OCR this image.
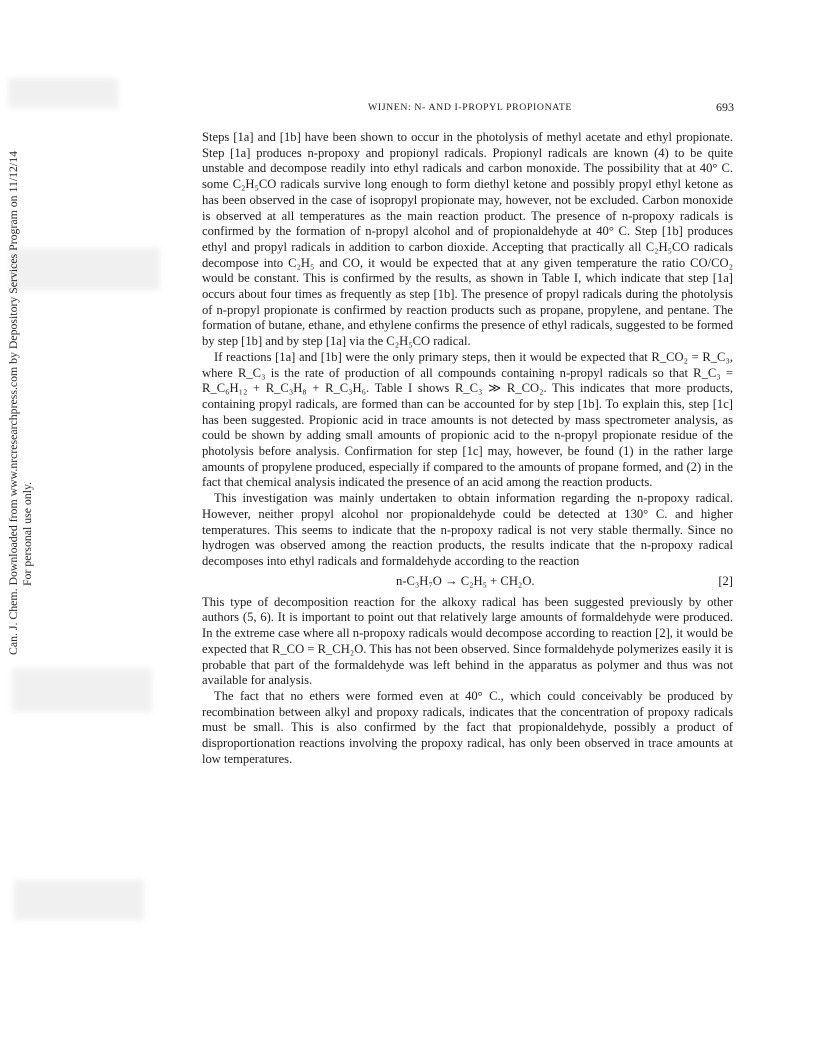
Can. J. Chem. Downloaded from www.nrcresearchpress.com by Depository Services Program on 11/12/14 For personal use only.
WIJNEN: N- AND I-PROPYL PROPIONATE	693

Steps [1a] and [1b] have been shown to occur in the photolysis of methyl acetate and ethyl propionate. Step [1a] produces n-propoxy and propionyl radicals. Propionyl radicals are known (4) to be quite unstable and decompose readily into ethyl radicals and carbon monoxide. The possibility that at 40° C. some C₂H₅CO radicals survive long enough to form diethyl ketone and possibly propyl ethyl ketone as has been observed in the case of isopropyl propionate may, however, not be excluded. Carbon monoxide is observed at all temperatures as the main reaction product. The presence of n-propoxy radicals is confirmed by the formation of n-propyl alcohol and of propionaldehyde at 40° C. Step [1b] produces ethyl and propyl radicals in addition to carbon dioxide. Accepting that practically all C₂H₅CO radicals decompose into C₂H₅ and CO, it would be expected that at any given temperature the ratio CO/CO₂ would be constant. This is confirmed by the results, as shown in Table I, which indicate that step [1a] occurs about four times as frequently as step [1b]. The presence of propyl radicals during the photolysis of n-propyl propionate is confirmed by reaction products such as propane, propylene, and pentane. The formation of butane, ethane, and ethylene confirms the presence of ethyl radicals, suggested to be formed by step [1b] and by step [1a] via the C₂H₅CO radical.

If reactions [1a] and [1b] were the only primary steps, then it would be expected that R_CO₂ = R_C₃, where R_C₃ is the rate of production of all compounds containing n-propyl radicals so that R_C₃ = R_C₆H₁₂ + R_C₃H₈ + R_C₃H₆. Table I shows R_C₃ ≫ R_CO₂. This indicates that more products, containing propyl radicals, are formed than can be accounted for by step [1b]. To explain this, step [1c] has been suggested. Propionic acid in trace amounts is not detected by mass spectrometer analysis, as could be shown by adding small amounts of propionic acid to the n-propyl propionate residue of the photolysis before analysis. Confirmation for step [1c] may, however, be found (1) in the rather large amounts of propylene produced, especially if compared to the amounts of propane formed, and (2) in the fact that chemical analysis indicated the presence of an acid among the reaction products.

This investigation was mainly undertaken to obtain information regarding the n-propoxy radical. However, neither propyl alcohol nor propionaldehyde could be detected at 130° C. and higher temperatures. This seems to indicate that the n-propoxy radical is not very stable thermally. Since no hydrogen was observed among the reaction products, the results indicate that the n-propoxy radical decomposes into ethyl radicals and formaldehyde according to the reaction

n-C₃H₇O → C₂H₅ + CH₂O.	[2]

This type of decomposition reaction for the alkoxy radical has been suggested previously by other authors (5, 6). It is important to point out that relatively large amounts of formaldehyde were produced. In the extreme case where all n-propoxy radicals would decompose according to reaction [2], it would be expected that R_CO = R_CH₂O. This has not been observed. Since formaldehyde polymerizes easily it is probable that part of the formaldehyde was left behind in the apparatus as polymer and thus was not available for analysis.

The fact that no ethers were formed even at 40° C., which could conceivably be produced by recombination between alkyl and propoxy radicals, indicates that the concentration of propoxy radicals must be small. This is also confirmed by the fact that propionaldehyde, possibly a product of disproportionation reactions involving the propoxy radical, has only been observed in trace amounts at low temperatures.
